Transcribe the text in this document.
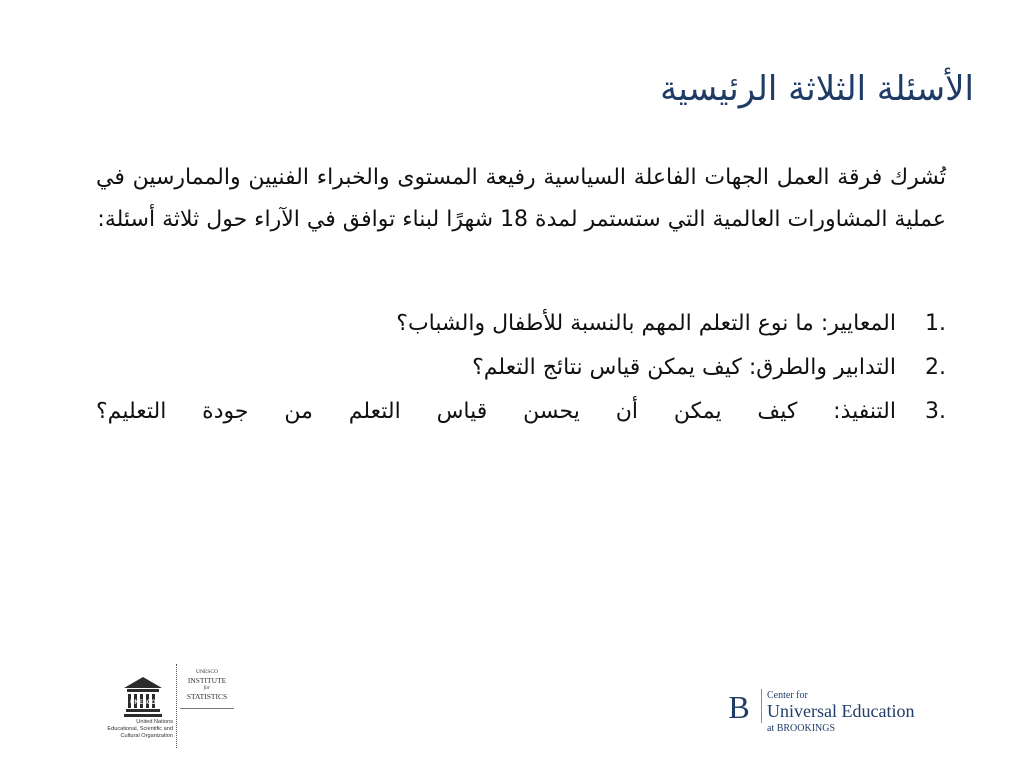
الأسئلة الثلاثة الرئيسية

تُشرك فرقة العمل الجهات الفاعلة السياسية رفيعة المستوى والخبراء الفنيين والممارسين في عملية المشاورات العالمية التي ستستمر لمدة 18 شهرًا لبناء توافق في الآراء حول ثلاثة أسئلة:

1.
المعايير: ما نوع التعلم المهم بالنسبة للأطفال والشباب؟
2.
التدابير والطرق: كيف يمكن قياس نتائج التعلم؟
3.
التنفيذ: كيف يمكن أن يحسن قياس التعلم من جودة التعليم؟
UNESCO

United Nations
Educational, Scientific and
Cultural Organization

UNESCO
INSTITUTE
for
STATISTICS	B	Center for

Universal Education

at BROOKINGS
